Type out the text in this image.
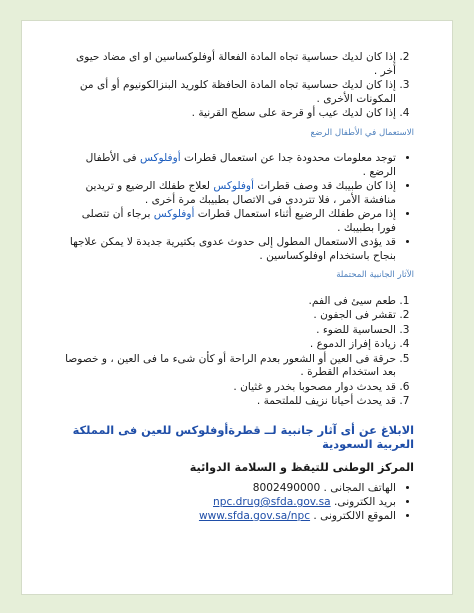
2. إذا كان لديك حساسية تجاه المادة الفعالة أوفلوكساسين او اى مضاد حيوى أخر .
3. إذا كان لديك حساسية تجاه المادة الحافظة كلوريد البنزالكونيوم أو أى من المكونات الأخرى .
4. إذا كان لديك عيب أو قرحة على سطح القرنية .
الاستعمال في الأطفال الرضع
• توجد معلومات محدودة جدا عن استعمال قطرات أوفلوكس فى الأطفال الرضع .
• إذا كان طبيبك قد وصف قطرات أوفلوكس لعلاج طفلك الرضيع و تريدين منافشة الأمر ، فلا تترددى فى الاتصال بطبيبك مرة أخرى .
• إذا مرض طفلك الرضيع أثناء استعمال قطرات أوفلوكس برجاء أن تتصلى فورا بطبيبك .
• قد يؤدى الاستعمال المطول إلى حدوث عدوى بكتيرية جديدة لا يمكن علاجها بنجاح باستخدام اوفلوكساسين .
الآثار الجانبية المحتملة
1. طعم سيئ فى الفم.
2. تقشر فى الجفون .
3. الحساسية للضوء .
4. زيادة إفراز الدموع .
5. حرقة فى العين أو الشعور بعدم الراحة أو كأن شىء ما فى العين ، و خصوصا بعد استخدام القطرة .
6. قد يحدث دوار مصحوبا بخدر و غثيان .
7. قد يحدث أحيانا نزيف للملتحمة .
الابلاغ عن أى آثار جانبية لــ قطرةأوفلوكس للعين فى المملكة العربية السعودية
المركز الوطنى للتيقظ و السلامة الدوائية
• الهاتف المجانى . 8002490000
• بريد الكترونى. npc.drug@sfda.gov.sa
• الموقع الالكترونى . www.sfda.gov.sa/npc
